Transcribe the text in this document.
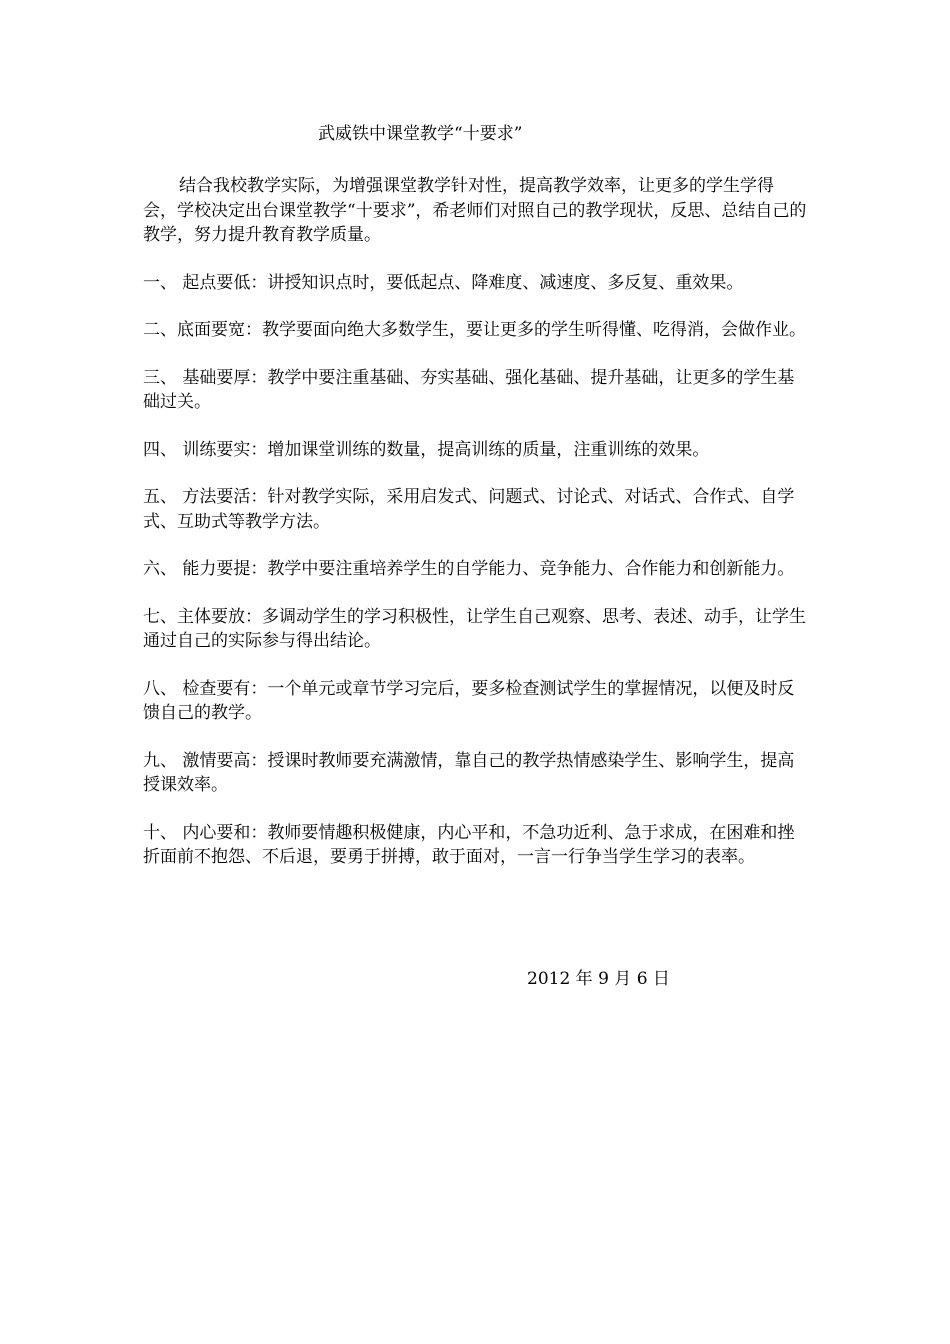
武威铁中课堂教学“十要求”

结合我校教学实际，为增强课堂教学针对性，提高教学效率，让更多的学生学得会，学校决定出台课堂教学“十要求”，希老师们对照自己的教学现状，反思、总结自己的教学，努力提升教育教学质量。

一、 起点要低：讲授知识点时，要低起点、降难度、减速度、多反复、重效果。

二、底面要宽：教学要面向绝大多数学生，要让更多的学生听得懂、吃得消，会做作业。

三、 基础要厚：教学中要注重基础、夯实基础、强化基础、提升基础，让更多的学生基础过关。

四、 训练要实：增加课堂训练的数量，提高训练的质量，注重训练的效果。

五、 方法要活：针对教学实际，采用启发式、问题式、讨论式、对话式、合作式、自学式、互助式等教学方法。

六、 能力要提：教学中要注重培养学生的自学能力、竞争能力、合作能力和创新能力。

七、主体要放：多调动学生的学习积极性，让学生自己观察、思考、表述、动手，让学生通过自己的实际参与得出结论。

八、 检查要有：一个单元或章节学习完后，要多检查测试学生的掌握情况，以便及时反馈自己的教学。

九、 激情要高：授课时教师要充满激情，靠自己的教学热情感染学生、影响学生，提高授课效率。

十、 内心要和：教师要情趣积极健康，内心平和，不急功近利、急于求成，在困难和挫折面前不抱怨、不后退，要勇于拼搏，敢于面对，一言一行争当学生学习的表率。

2012 年 9 月 6 日
